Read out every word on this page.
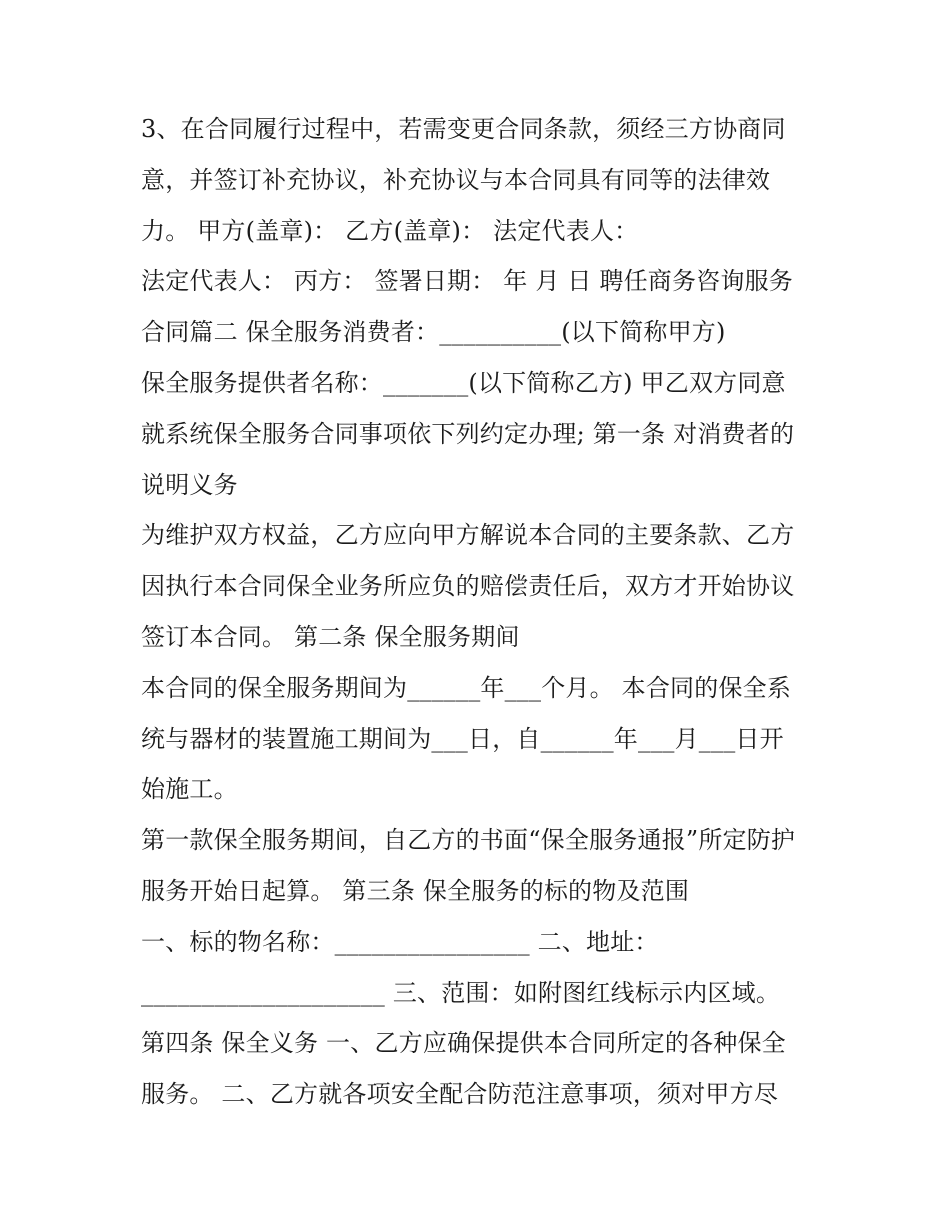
3、在合同履行过程中，若需变更合同条款，须经三方协商同
意，并签订补充协议，补充协议与本合同具有同等的法律效
力。 甲方(盖章)： 乙方(盖章)： 法定代表人：
法定代表人： 丙方： 签署日期： 年 月 日 聘任商务咨询服务
合同篇二 保全服务消费者：__________(以下简称甲方)
保全服务提供者名称：_______(以下简称乙方) 甲乙双方同意
就系统保全服务合同事项依下列约定办理; 第一条 对消费者的
说明义务
为维护双方权益，乙方应向甲方解说本合同的主要条款、乙方
因执行本合同保全业务所应负的赔偿责任后，双方才开始协议
签订本合同。 第二条 保全服务期间
本合同的保全服务期间为______年___个月。 本合同的保全系
统与器材的装置施工期间为___日，自______年___月___日开
始施工。
第一款保全服务期间，自乙方的书面“保全服务通报”所定防护
服务开始日起算。 第三条 保全服务的标的物及范围
一、标的物名称：________________ 二、地址：
____________________ 三、范围：如附图红线标示内区域。
第四条 保全义务 一、乙方应确保提供本合同所定的各种保全
服务。 二、乙方就各项安全配合防范注意事项，须对甲方尽
